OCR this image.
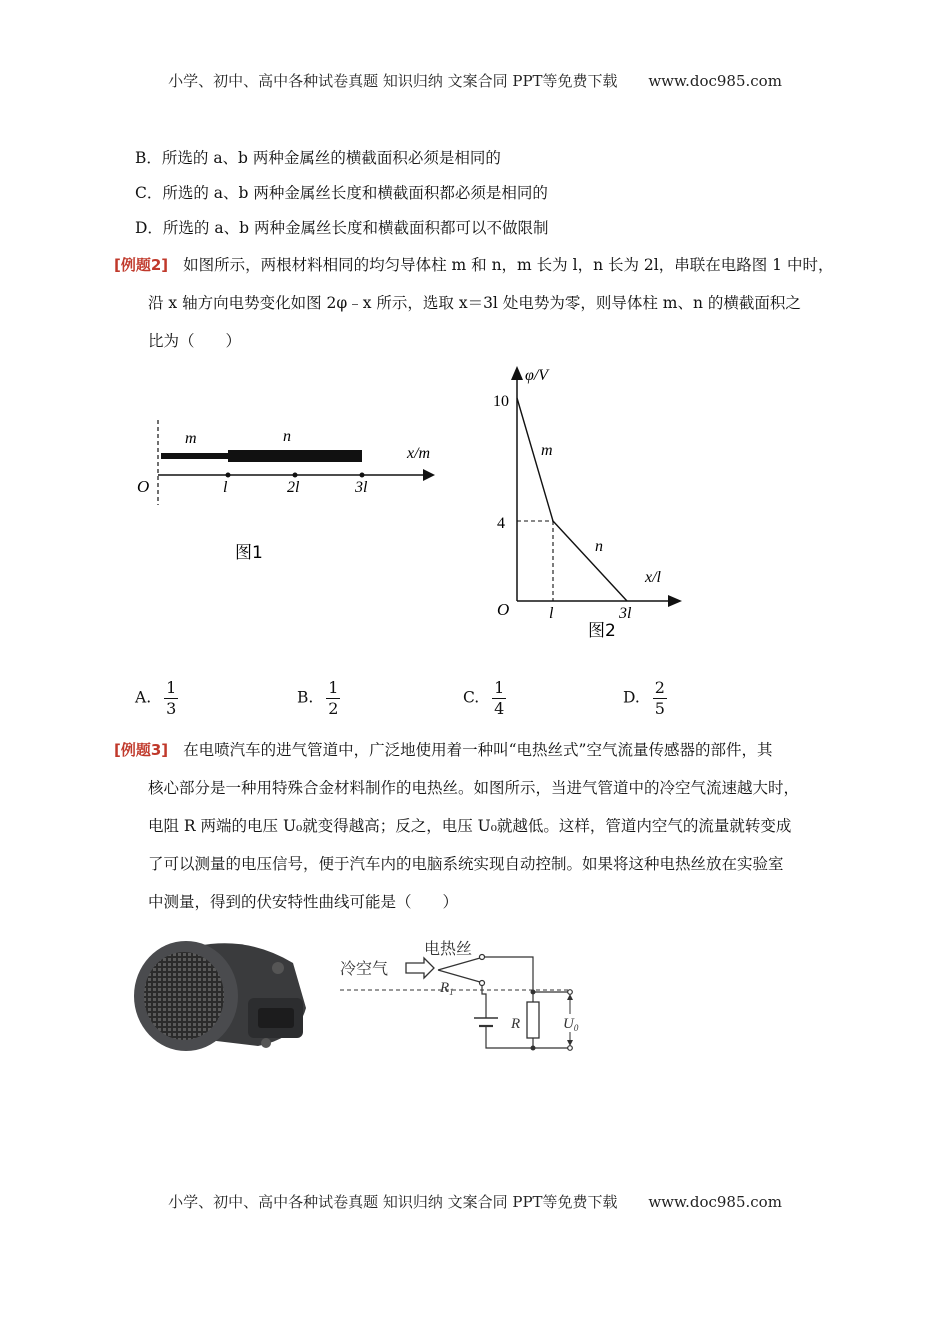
小学、初中、高中各种试卷真题 知识归纳 文案合同 PPT等免费下载 www.doc985.com
B．所选的 a、b 两种金属丝的横截面积必须是相同的
C．所选的 a、b 两种金属丝长度和横截面积都必须是相同的
D．所选的 a、b 两种金属丝长度和横截面积都可以不做限制
[例题2] 如图所示，两根材料相同的均匀导体柱 m 和 n，m 长为 l，n 长为 2l，串联在电路图 1 中时，
沿 x 轴方向电势变化如图 2φ﹣x 所示，选取 x＝3l 处电势为零，则导体柱 m、n 的横截面积之
比为（　　）
m	n
x/m
O	l	2l	3l
图1
φ/V
10
4
m
n
x/l
O l	3l
图2
A. $\frac{1}{3}$	B. $\frac{1}{2}$	C. $\frac{1}{4}$	D. $\frac{2}{5}$
[例题3] 在电喷汽车的进气管道中，广泛地使用着一种叫“电热丝式”空气流量传感器的部件，其
核心部分是一种用特殊合金材料制作的电热丝。如图所示，当进气管道中的冷空气流速越大时，
电阻 R 两端的电压 U₀就变得越高；反之，电压 U₀就越低。这样，管道内空气的流量就转变成
了可以测量的电压信号，便于汽车内的电脑系统实现自动控制。如果将这种电热丝放在实验室
中测量，得到的伏安特性曲线可能是（　　）
冷空气
电热丝
$R_1$
R	$U_0$
小学、初中、高中各种试卷真题 知识归纳 文案合同 PPT等免费下载 www.doc985.com
